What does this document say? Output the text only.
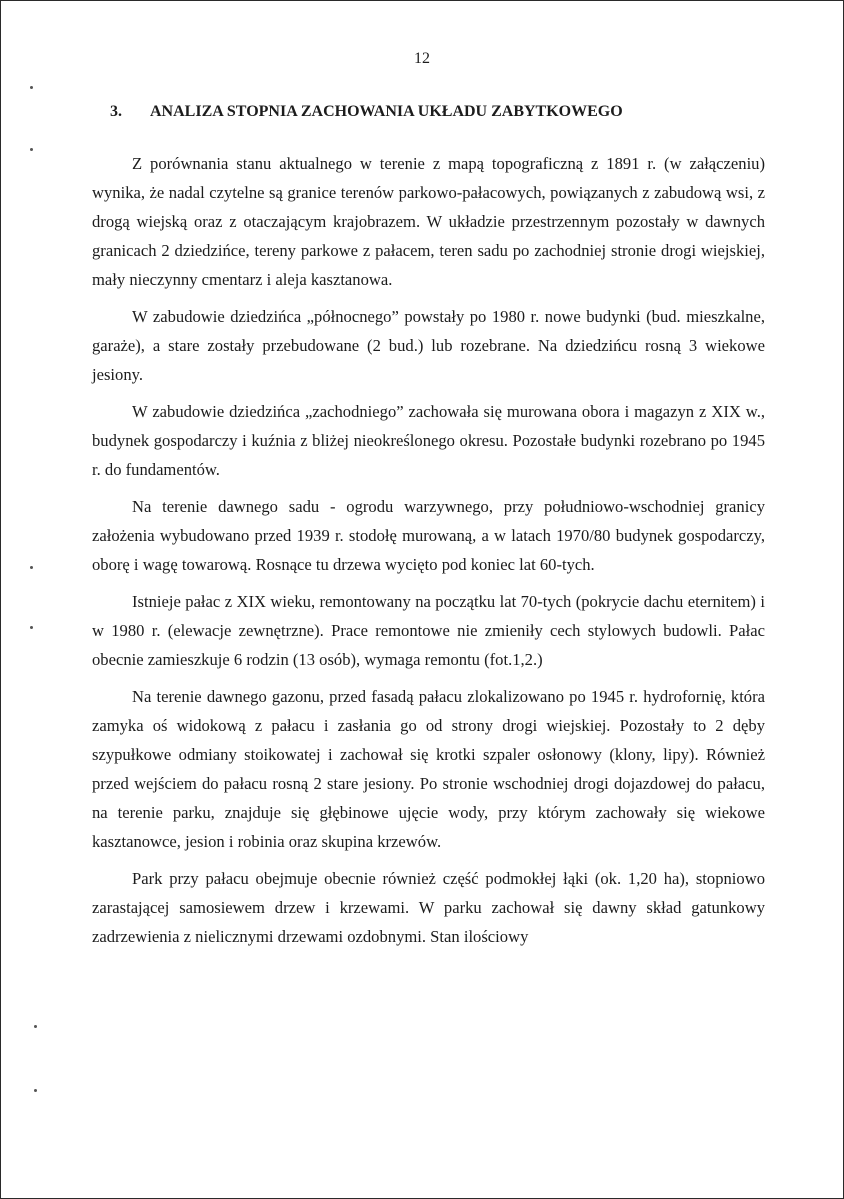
12
3. ANALIZA STOPNIA ZACHOWANIA UKŁADU ZABYTKOWEGO

Z porównania stanu aktualnego w terenie z mapą topograficzną z 1891 r. (w załączeniu) wynika, że nadal czytelne są granice terenów parkowo-pałacowych, powiązanych z zabudową wsi, z drogą wiejską oraz z otaczającym krajobrazem. W układzie przestrzennym pozostały w dawnych granicach 2 dziedzińce, tereny parkowe z pałacem, teren sadu po zachodniej stronie drogi wiejskiej, mały nieczynny cmentarz i aleja kasztanowa.

W zabudowie dziedzińca „północnego” powstały po 1980 r. nowe budynki (bud. mieszkalne, garaże), a stare zostały przebudowane (2 bud.) lub rozebrane. Na dziedzińcu rosną 3 wiekowe jesiony.

W zabudowie dziedzińca „zachodniego” zachowała się murowana obora i magazyn z XIX w., budynek gospodarczy i kuźnia z bliżej nieokreślonego okresu. Pozostałe budynki rozebrano po 1945 r. do fundamentów.

Na terenie dawnego sadu - ogrodu warzywnego, przy południowo-wschodniej granicy założenia wybudowano przed 1939 r. stodołę murowaną, a w latach 1970/80 budynek gospodarczy, oborę i wagę towarową. Rosnące tu drzewa wycięto pod koniec lat 60-tych.

Istnieje pałac z XIX wieku, remontowany na początku lat 70-tych (pokrycie dachu eternitem) i w 1980 r. (elewacje zewnętrzne). Prace remontowe nie zmieniły cech stylowych budowli. Pałac obecnie zamieszkuje 6 rodzin (13 osób), wymaga remontu (fot.1,2.)

Na terenie dawnego gazonu, przed fasadą pałacu zlokalizowano po 1945 r. hydrofornię, która zamyka oś widokową z pałacu i zasłania go od strony drogi wiejskiej. Pozostały to 2 dęby szypułkowe odmiany stoikowatej i zachował się krotki szpaler osłonowy (klony, lipy). Również przed wejściem do pałacu rosną 2 stare jesiony. Po stronie wschodniej drogi dojazdowej do pałacu, na terenie parku, znajduje się głębinowe ujęcie wody, przy którym zachowały się wiekowe kasztanowce, jesion i robinia oraz skupina krzewów.

Park przy pałacu obejmuje obecnie również część podmokłej łąki (ok. 1,20 ha), stopniowo zarastającej samosiewem drzew i krzewami. W parku zachował się dawny skład gatunkowy zadrzewienia z nielicznymi drzewami ozdobnymi. Stan ilościowy
